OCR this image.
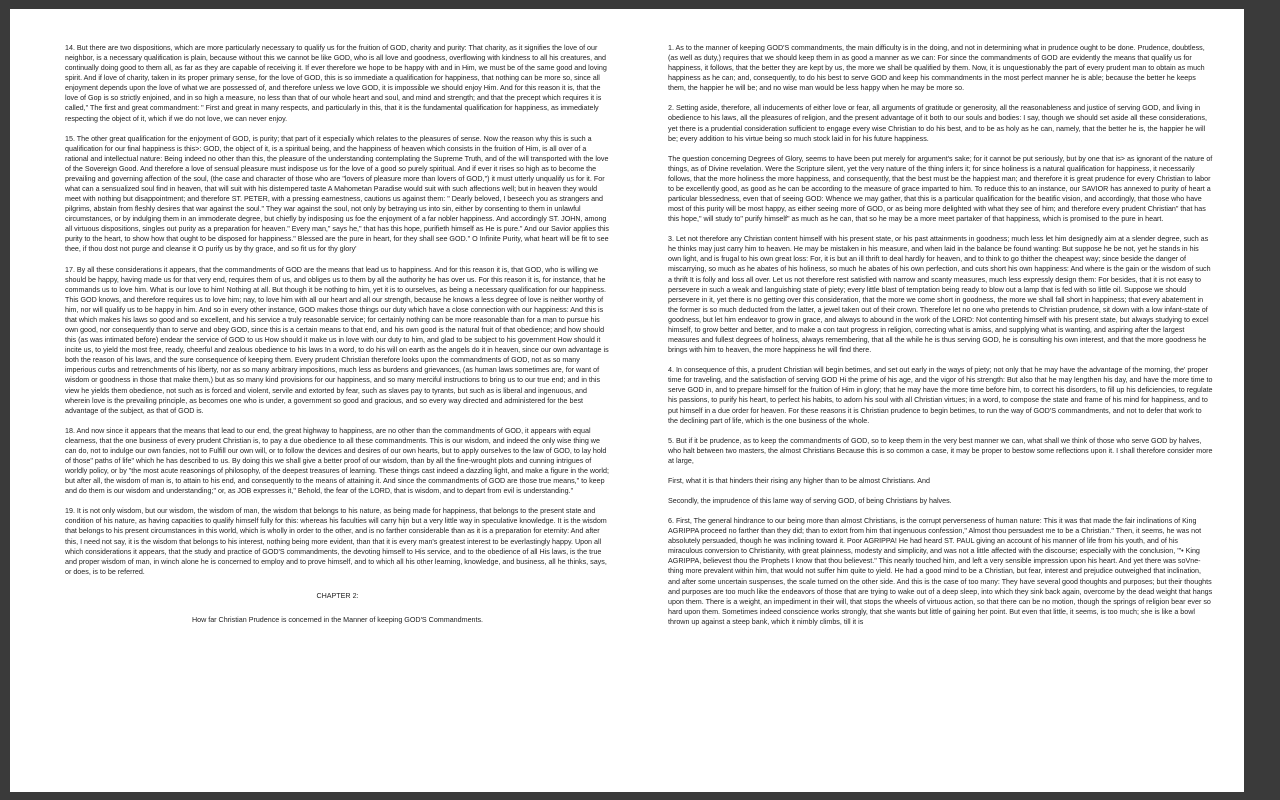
14. But there are two dispositions, which are more particularly necessary to qualify us for the fruition of GOD, charity and purity: That charity, as it signifies the love of our neighbor, is a necessary qualification is plain, because without this we cannot be like GOD, who is all love and goodness, overflowing with kindness to all his creatures, and continually doing good to them all, as far as they are capable of receiving it. If ever therefore we hope to be happy with and in Him, we must be of the same good and loving spirit. And if love of charity, taken in its proper primary sense, for the love of GOD, this is so immediate a qualification for happiness, that nothing can be more so, since all enjoyment depends upon the love of what we are possessed of, and therefore unless we love GOD, it is impossible we should enjoy Him. And for this reason it is, that the love of Gop is so strictly enjoined, and in so high a measure, no less than that of our whole heart and soul, and mind and strength; and that the precept which requires it is called," The first and great commandment: " First and great in many respects, and particularly in this, that it is the fundamental qualification for happiness, as immediately respecting the object of it, which if we do not love, we can never enjoy.

15. The other great qualification for the enjoyment of GOD, is purity; that part of it especially which relates to the pleasures of sense. Now the reason why this is such a qualification for our final happiness is this>: GOD, the object of it, is a spiritual being, and the happiness of heaven which consists in the fruition of Him, is all over of a rational and intellectual nature: Being indeed no other than this, the pleasure of the understanding contemplating the Supreme Truth, and of the will transported with the love of the Sovereign Good. And therefore a love of sensual pleasure must indispose us for the love of a good so purely spiritual. And if ever it rises so high as to become the prevailing and governing affection of the soul, (the case and character of those who are "lovers of pleasure more than lovers of GOD,") it must utterly unqualify us for it. For what can a sensualized soul find in heaven, that will suit with his distempered taste A Mahometan Paradise would suit with such affections well; but in heaven they would meet with nothing but disappointment; and therefore ST. PETER, with a pressing earnestness, cautions us against them: " Dearly beloved, I beseech you as strangers and pilgrims, abstain from fleshly desires that war against the soul." They war against the soul, not only by betraying us into sin, either by consenting to them in unlawful circumstances, or by indulging them in an immoderate degree, but chiefly by indisposing us foe the enjoyment of a far nobler happiness. And accordingly ST. JOHN, among all virtuous dispositions, singles out purity as a preparation for heaven." Every man," says he," that has this hope, purifieth himself as He is pure." And our Savior applies this purity to the heart, to show how that ought to be disposed for happiness." Blessed are the pure in heart, for they shall see GOD." O Infinite Purity, what heart will be fit to see thee, if thou dost not purge and cleanse it O purify us by thy grace, and so fit us for thy glory'

17. By all these considerations it appears, that the commandments of GOD are the means that lead us to happiness. And for this reason it is, that GOD, who is willing we should be happy, having made us for that very end, requires them of us, and obliges us to them by all the authority he has over us. For this reason it is, for instance, that he commands us to love him. What is our love to him! Nothing at all. But though it be nothing to him, yet it is to ourselves, as being a necessary qualification for our happiness. This GOD knows, and therefore requires us to love him; nay, to love him with all our heart and all our strength, because he knows a less degree of love is neither worthy of him, nor will qualify us to be happy in him. And so in every other instance, GOD makes those things our duty which have a close connection with our happiness: And this is that which makes his laws so good and so excellent, and his service a truly reasonable service; for certainly nothing can be more reasonable than for a man to pursue his own good, nor consequently than to serve and obey GOD, since this is a certain means to that end, and his own good is the natural fruit of that obedience; and how should this (as was intimated before) endear the service of GOD to us How should it make us in love with our duty to him, and glad to be subject to his government How should it incite us, to yield the most free, ready, cheerful and zealous obedience to his laws In a word, to do his will on earth as the angels do it in heaven, since our own advantage is both the reason of his laws, and the sure consequence of keeping them. Every prudent Christian therefore looks upon the commandments of GOD, not as so many imperious curbs and retrenchments of his liberty, nor as so many arbitrary impositions, much less as burdens and grievances, (as human laws sometimes are, for want of wisdom or goodness in those that make them,) but as so many kind provisions for our happiness, and so many merciful instructions to bring us to our true end; and in this view he yields them obedience, not such as is forced and violent, servile and extorted by fear, such as slaves pay to tyrants, but such as is liberal and ingenuous, and wherein love is the prevailing principle, as becomes one who is under, a government so good and gracious, and so every way directed and administered for the best advantage of the subject, as that of GOD is.

18. And now since it appears that the means that lead to our end, the great highway to happiness, are no other than the commandments of GOD, it appears with equal clearness, that the one business of every prudent Christian is, to pay a due obedience to all these commandments. This is our wisdom, and indeed the only wise thing we can do, not to indulge our own fancies, not to Fulfill our own will, or to follow the devices and desires of our own hearts, but to apply ourselves to the law of GOD, to lay hold of those" paths of life" which he has described to us. By doing this we shall give a better proof of our wisdom, than by all the fine-wrought plots and cunning intrigues of worldly policy, or by "the most acute reasonings of philosophy, of the deepest treasures of learning. These things cast indeed a dazzling light, and make a figure in the world; but after all, the wisdom of man is, to attain to his end, and consequently to the means of attaining it. And since the commandments of GOD are those true means," to keep and do them is our wisdom and understanding;" or, as JOB expresses it," Behold, the fear of the LORD, that is wisdom, and to depart from evil is understanding."

19. It is not only wisdom, but our wisdom, the wisdom of man, the wisdom that belongs to his nature, as being made for happiness, that belongs to the present state and condition of his nature, as having capacities to qualify himself fully for this: whereas his faculties will carry hijn but a very little way in speculative knowledge. It is the wisdom that belongs to his present circumstances in this world, which is wholly in order to the other, and is no farther considerable than as it is a preparation for eternity: And after this, I need not say, it is the wisdom that belongs to his interest, nothing being more evident, than that it is every man's greatest interest to be everlastingly happy. Upon all which considerations it appears, that the study and practice of GOD'S commandments, the devoting himself to His service, and to the obedience of all His laws, is the true and proper wisdom of man, in winch alone he is concerned to employ and to prove himself, and to which all his other learning, knowledge, and business, all he thinks, says, or does, is to be referred.

CHAPTER 2:

How far Christian Prudence is concerned in the Manner of keeping GOD'S Commandments.

1. As to the manner of keeping GOD'S commandments, the main difficulty is in the doing, and not in determining what in prudence ought to be done. Prudence, doubtless, (as well as duty,) requires that we should keep them in as good a manner as we can: For since the commandments of GOD are evidently the means that qualify us for happiness, it follows, that the better they are kept by us, the more we shall be qualified by them. Now, it is unquestionably the part of every prudent man to obtain as much happiness as he can; and, consequently, to do his best to serve GOD and keep his commandments in the most perfect manner he is able; because the better he keeps them, the happier he will be; and no wise man would be less happy when he may be more so.

2. Setting aside, therefore, all inducements of either love or fear, all arguments of gratitude or generosity, all the reasonableness and justice of serving GOD, and living in obedience to his laws, all the pleasures of religion, and the present advantage of it both to our souls and bodies: I say, though we should set aside all these considerations, yet there is a prudential consideration sufficient to engage every wise Christian to do his best, and to be as holy as he can, namely, that the better he is, the happier he will be; every addition to his virtue being so much stock laid in for his future happiness.

The question concerning Degrees of Glory, seems to have been put merely for argument's sake; for it cannot be put seriously, but by one that is> as ignorant of the nature of things, as of Divine revelation. Were the Scripture silent, yet the very nature of the thing infers it; for since holiness is a natural qualification for happiness, it necessarily follows, that the more holiness the more happiness, and consequently, that the best must be the happiest man; and therefore it is great prudence for every Christian to labor to be excellently good, as good as he can be according to the measure of grace imparted to him. To reduce this to an instance, our SAVIOR has annexed to purity of heart a particular blessedness, even that of seeing GOD: Whence we may gather, that this is a particular qualification for the beatific vision, and accordingly, that those who have most of this purity will be most happy, as either seeing more of GOD, or as being more delighted with what they see of him; and therefore every prudent Christian" that has this hope," will study to" purify himself" as much as he can, that so he may be a more meet partaker of that happiness, which is promised to the pure in heart.

3. Let not therefore any Christian content himself with his present state, or his past attainments in goodness; much less let him designedly aim at a slender degree, such as he thinks may just carry him to heaven. He may be mistaken in his measure, and when laid in the balance be found wanting: But suppose he be not, yet he stands in his own light, and is frugal to his own great loss: For, it is but an ill thrift to deal hardly for heaven, and to think to go thither the cheapest way; since beside the danger of miscarrying, so much as he abates of his holiness, so much he abates of his own perfection, and cuts short his own happiness: And where is the gain or the wisdom of such a thrift It is folly and loss all over. Let us not therefore rest satisfied with narrow and scanty measures, much less expressly design them: For besides, that it is not easy to persevere in such a weak and languishing state of piety; every little blast of temptation being ready to blow out a lamp that is fed with so little oil. Suppose we should persevere in it, yet there is no getting over this consideration, that the more we come short in goodness, the more we shall fall short in happiness; that every abatement in the former is so much deducted from the latter, a jewel taken out of their crown. Therefore let no one who pretends to Christian prudence, sit down with a low infant-state of goodness, but let him endeavor to grow in grace, and always to abound in the work of the LORD: Not contenting himself with his present state, but always studying to excel himself, to grow better and better, and to make a con taut progress in religion, correcting what is amiss, and supplying what is wanting, and aspiring after the largest measures and fullest degrees of holiness, always remembering, that all the while he is thus serving GOD, he is consulting his own interest, and that the more goodness he brings with him to heaven, the more happiness he will find there.

4. In consequence of this, a prudent Christian will begin betimes, and set out early in the ways of piety; not only that he may have the advantage of the morning, the' proper time for traveling, and the satisfaction of serving GOD Hi the prime of his age, and the vigor of his strength: But also that he may lengthen his day, and have the more time to serve GOD in, and to prepare himself for the fruition of Him in glory; that he may have the more time before him, to correct his disorders, to fill up his deficiencies, to regulate his passions, to purify his heart, to perfect his habits, to adorn his soul with all Christian virtues; in a word, to compose the state and frame of his mind for happiness, and to put himself in a due order for heaven. For these reasons it is Christian prudence to begin betimes, to run the way of GOD'S commandments, and not to defer that work to the declining part of life, which is the one business of the whole.

5. But if it be prudence, as to keep the commandments of GOD, so to keep them in the very best manner we can, what shall we think of those who serve GOD by halves, who halt between two masters, the almost Christians Because this is so common a case, it may be proper to bestow some reflections upon it. I shall therefore consider more at large,

First, what it is that hinders their rising any higher than to be almost Christians. And

Secondly, the imprudence of this lame way of serving GOD, of being Christians by halves.

6. First, The general hindrance to our being more than almost Christians, is the corrupt perverseness of human nature: This it was that made the fair inclinations of King AGRIPPA proceed no farther than they did; than to extort from him that ingenuous confession," Almost thou persuadest me to be a Christian." Then, it seems, he was not absolutely persuaded, though he was inclining toward it. Poor AGRIPPA! He had heard ST. PAUL giving an account of his manner of life from his youth, and of his miraculous conversion to Christianity, with great plainness, modesty and simplicity, and was not a little affected with the discourse; especially with the conclusion, '"• King AGRIPPA, believest thou the Prophets I know that thou believest." This nearly touched him, and left a very sensible impression upon his heart. And yet there was soVne-thing more prevalent within him, that would not suffer him quite to yield. He had a good mind to be a Christian, but fear, interest and prejudice outweighed that inclination, and after some uncertain suspenses, the scale turned on the other side. And this is the case of too many: They have several good thoughts and purposes; but their thoughts and purposes are too much like the endeavors of those that are trying to wake out of a deep sleep, into which they sink back again, overcome by the dead weight that hangs upon them. There is a weight, an impediment in their will, that stops the wheels of virtuous action, so that there can be no motion, though the springs of religion bear ever so hard upon them. Sometimes indeed conscience works strongly, that she wants but little of gaining her point. But even that little, it seems, is too much; she is like a bowl thrown up against a steep bank, which it nimbly climbs, till it is
